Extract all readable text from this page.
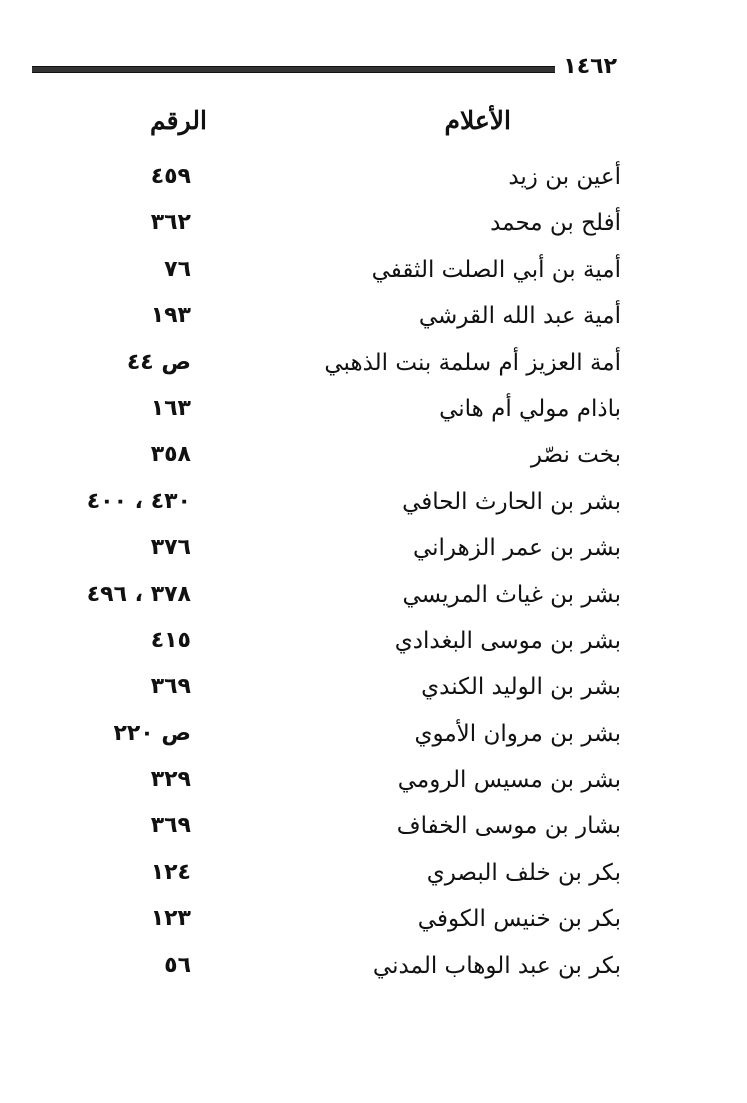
١٤٦٢
الأعلام
الرقم
أعين بن زيد
٤٥٩
أفلح بن محمد
٣٦٢
أمية بن أبي الصلت الثقفي
٧٦
أمية عبد الله القرشي
١٩٣
أمة العزيز أم سلمة بنت الذهبي
ص ٤٤
باذام مولي أم هاني
١٦٣
بخت نصّر
٣٥٨
بشر بن الحارث الحافي
٤٣٠ ، ٤٠٠
بشر بن عمر الزهراني
٣٧٦
بشر بن غياث المريسي
٣٧٨ ، ٤٩٦
بشر بن موسى البغدادي
٤١٥
بشر بن الوليد الكندي
٣٦٩
بشر بن مروان الأموي
ص ٢٢٠
بشر بن مسيس الرومي
٣٢٩
بشار بن موسى الخفاف
٣٦٩
بكر بن خلف البصري
١٢٤
بكر بن خنيس الكوفي
١٢٣
بكر بن عبد الوهاب المدني
٥٦
